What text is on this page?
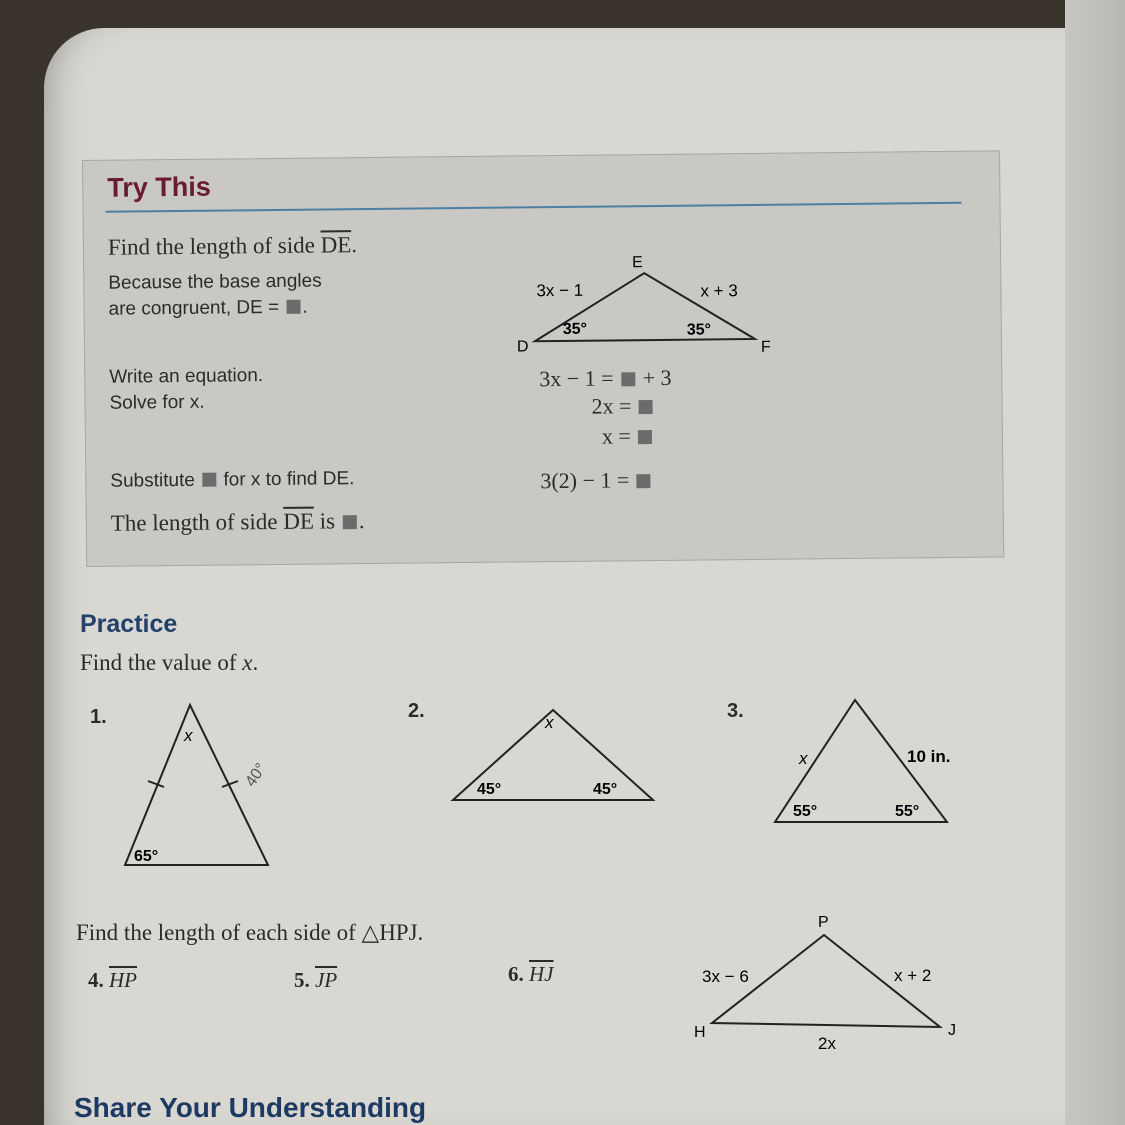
Try This
Find the length of side $\overline{DE}$.
Because the base angles
are congruent, DE = .
Write an equation.
Solve for x.
Substitute  for x to find DE.
The length of side $\overline{DE}$ is .
3x − 1 =  + 3
2x =
x =
3(2) − 1 =
E
D	F
3x − 1	x + 3
35°	35°
Practice
Find the value of x.
1.
x
65°
40°
2.
x
45°	45°
3.
x	10 in.
55°	55°
Find the length of each side of △HPJ.
4. $\overline{HP}$	5. $\overline{JP}$	6. $\overline{HJ}$
P
H	J
3x − 6	x + 2
2x
Share Your Understanding
